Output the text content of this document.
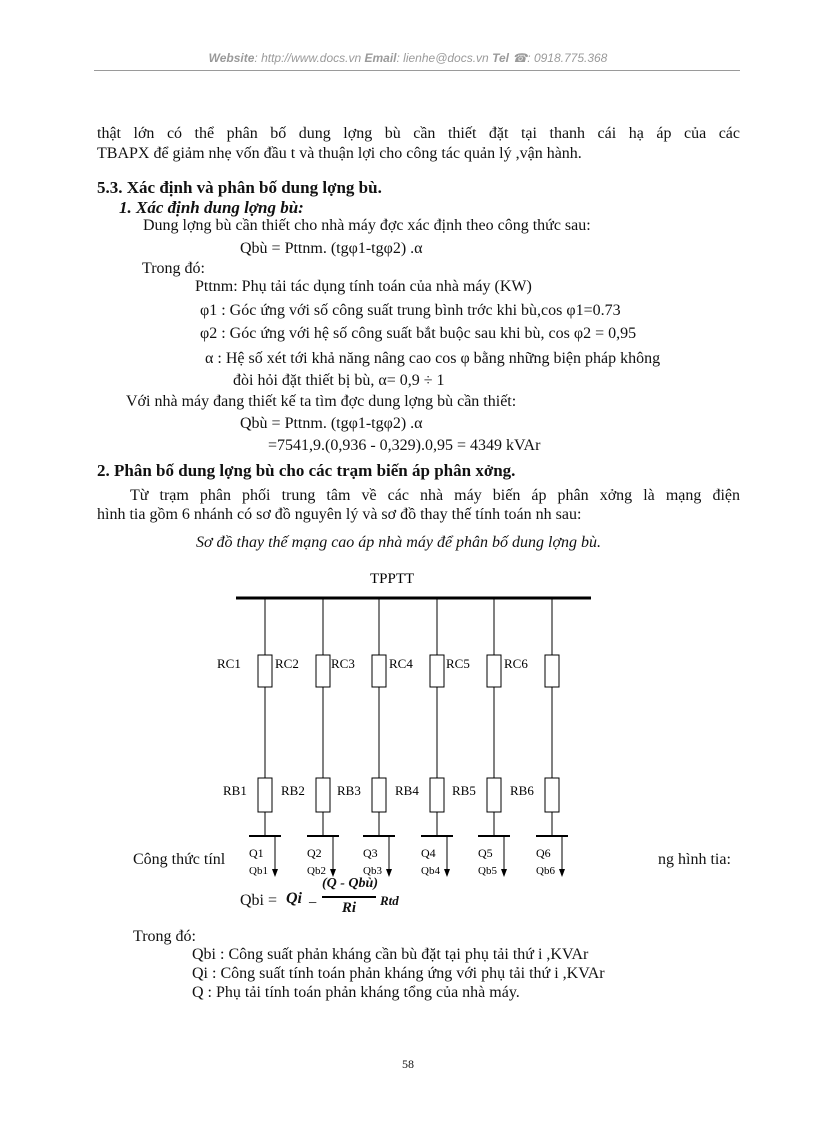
Website: http://www.docs.vn Email: lienhe@docs.vn Tel ☎: 0918.775.368
thật lớn có thể phân bố dung lợng bù cần thiết đặt tại thanh cái hạ áp của các
TBAPX để giảm nhẹ vốn đầu t và thuận lợi cho công tác quản lý ,vận hành.
5.3. Xác định và phân bố dung lợng bù.
1. Xác định dung lợng bù:
Dung lợng bù cần thiết cho nhà máy đợc xác định theo công thức sau:
Qbù = Pttnm. (tgφ1-tgφ2) .α
Trong đó:
Pttnm: Phụ tải tác dụng tính toán của nhà máy (KW)
φ1 : Góc ứng với số công suất trung bình trớc khi bù,cos φ1=0.73
φ2 : Góc ứng với hệ số công suất bắt buộc sau khi bù, cos φ2 = 0,95
α : Hệ số xét tới khả năng nâng cao cos φ bằng những biện pháp không
đòi hỏi đặt thiết bị bù, α= 0,9 ÷ 1
Với nhà máy đang thiết kế ta tìm đợc dung lợng bù cần thiết:
Qbù = Pttnm. (tgφ1-tgφ2) .α
=7541,9.(0,936 - 0,329).0,95 = 4349 kVAr
2. Phân bố dung lợng bù cho các trạm biến áp phân xởng.
Từ trạm phân phối trung tâm về các nhà máy biến áp phân xởng là mạng điện
hình tia gồm 6 nhánh có sơ đồ nguyên lý và sơ đồ thay thế tính toán nh sau:
Sơ đồ thay thế mạng cao áp nhà máy để phân bố dung lợng bù.
TPPTT
RC1
RB1
Q1
Qb1
RC2
RB2
Q2
Qb2
RC3
RB3
Q3
Qb3
RC4
RB4
Q4
Qb4
RC5
RB5
Q5
Qb5
RC6
RB6
Q6
Qb6
Công thức tínl	ng hình tia:
Qbi = Qi −
(Q - Qbù)
Ri	Rtd
Trong đó:
Qbi : Công suất phản kháng cần bù đặt tại phụ tải thứ i ,KVAr
Qi : Công suất tính toán phản kháng ứng với phụ tải thứ i ,KVAr
Q : Phụ tải tính toán phản kháng tổng của nhà máy.
58
